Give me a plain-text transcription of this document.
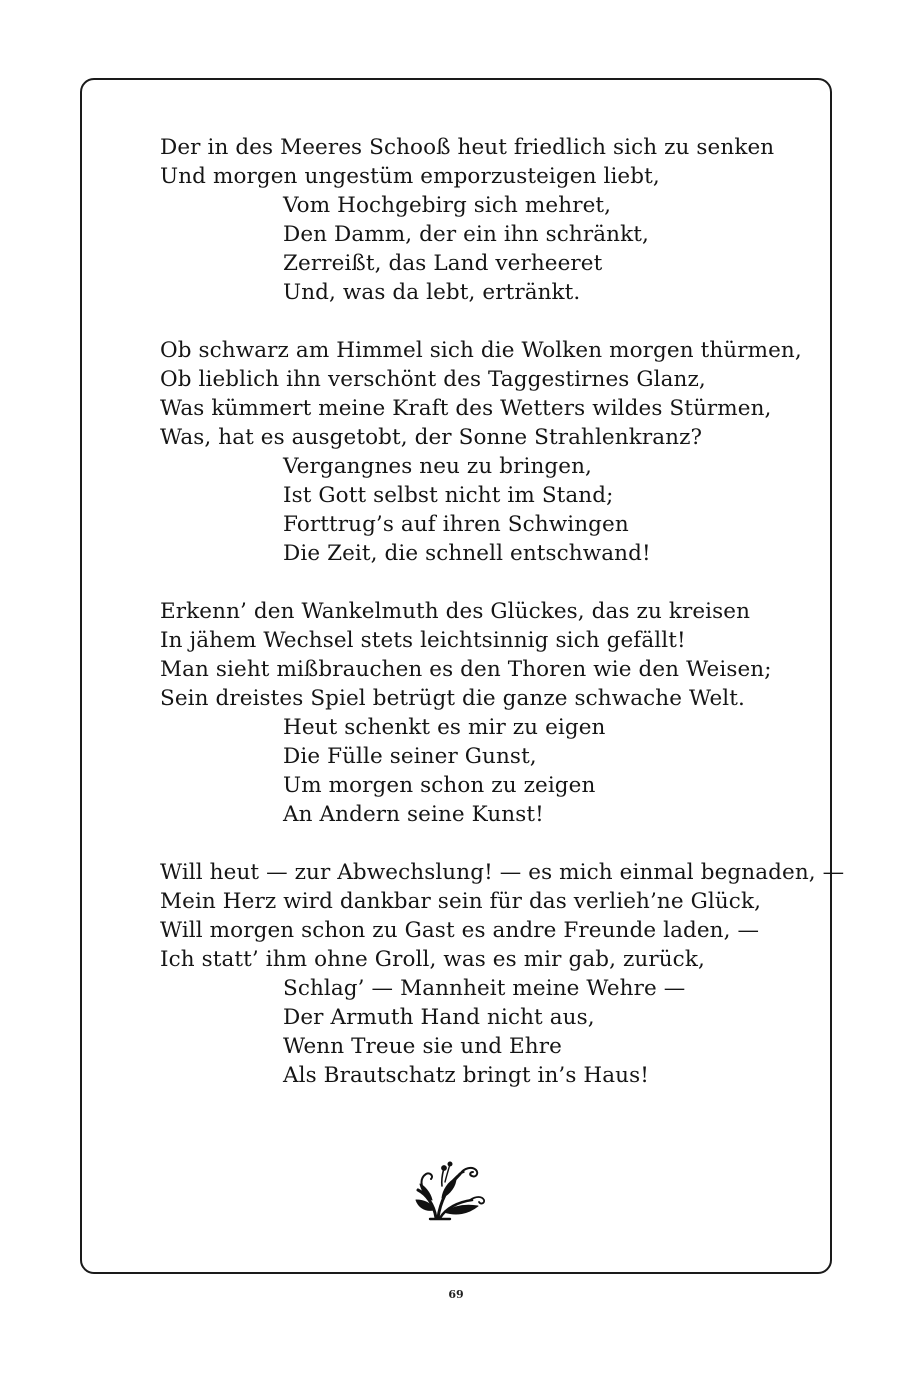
Der in des Meeres Schooß heut friedlich sich zu senken
Und morgen ungestüm emporzusteigen liebt,
Vom Hochgebirg sich mehret,
Den Damm, der ein ihn schränkt,
Zerreißt, das Land verheeret
Und, was da lebt, ertränkt.
Ob schwarz am Himmel sich die Wolken morgen thürmen,
Ob lieblich ihn verschönt des Taggestirnes Glanz,
Was kümmert meine Kraft des Wetters wildes Stürmen,
Was, hat es ausgetobt, der Sonne Strahlenkranz?
Vergangnes neu zu bringen,
Ist Gott selbst nicht im Stand;
Forttrug’s auf ihren Schwingen
Die Zeit, die schnell entschwand!
Erkenn’ den Wankelmuth des Glückes, das zu kreisen
In jähem Wechsel stets leichtsinnig sich gefällt!
Man sieht mißbrauchen es den Thoren wie den Weisen;
Sein dreistes Spiel betrügt die ganze schwache Welt.
Heut schenkt es mir zu eigen
Die Fülle seiner Gunst,
Um morgen schon zu zeigen
An Andern seine Kunst!
Will heut — zur Abwechslung! — es mich einmal begnaden, —
Mein Herz wird dankbar sein für das verlieh’ne Glück,
Will morgen schon zu Gast es andre Freunde laden, —
Ich statt’ ihm ohne Groll, was es mir gab, zurück,
Schlag’ — Mannheit meine Wehre —
Der Armuth Hand nicht aus,
Wenn Treue sie und Ehre
Als Brautschatz bringt in’s Haus!
69
